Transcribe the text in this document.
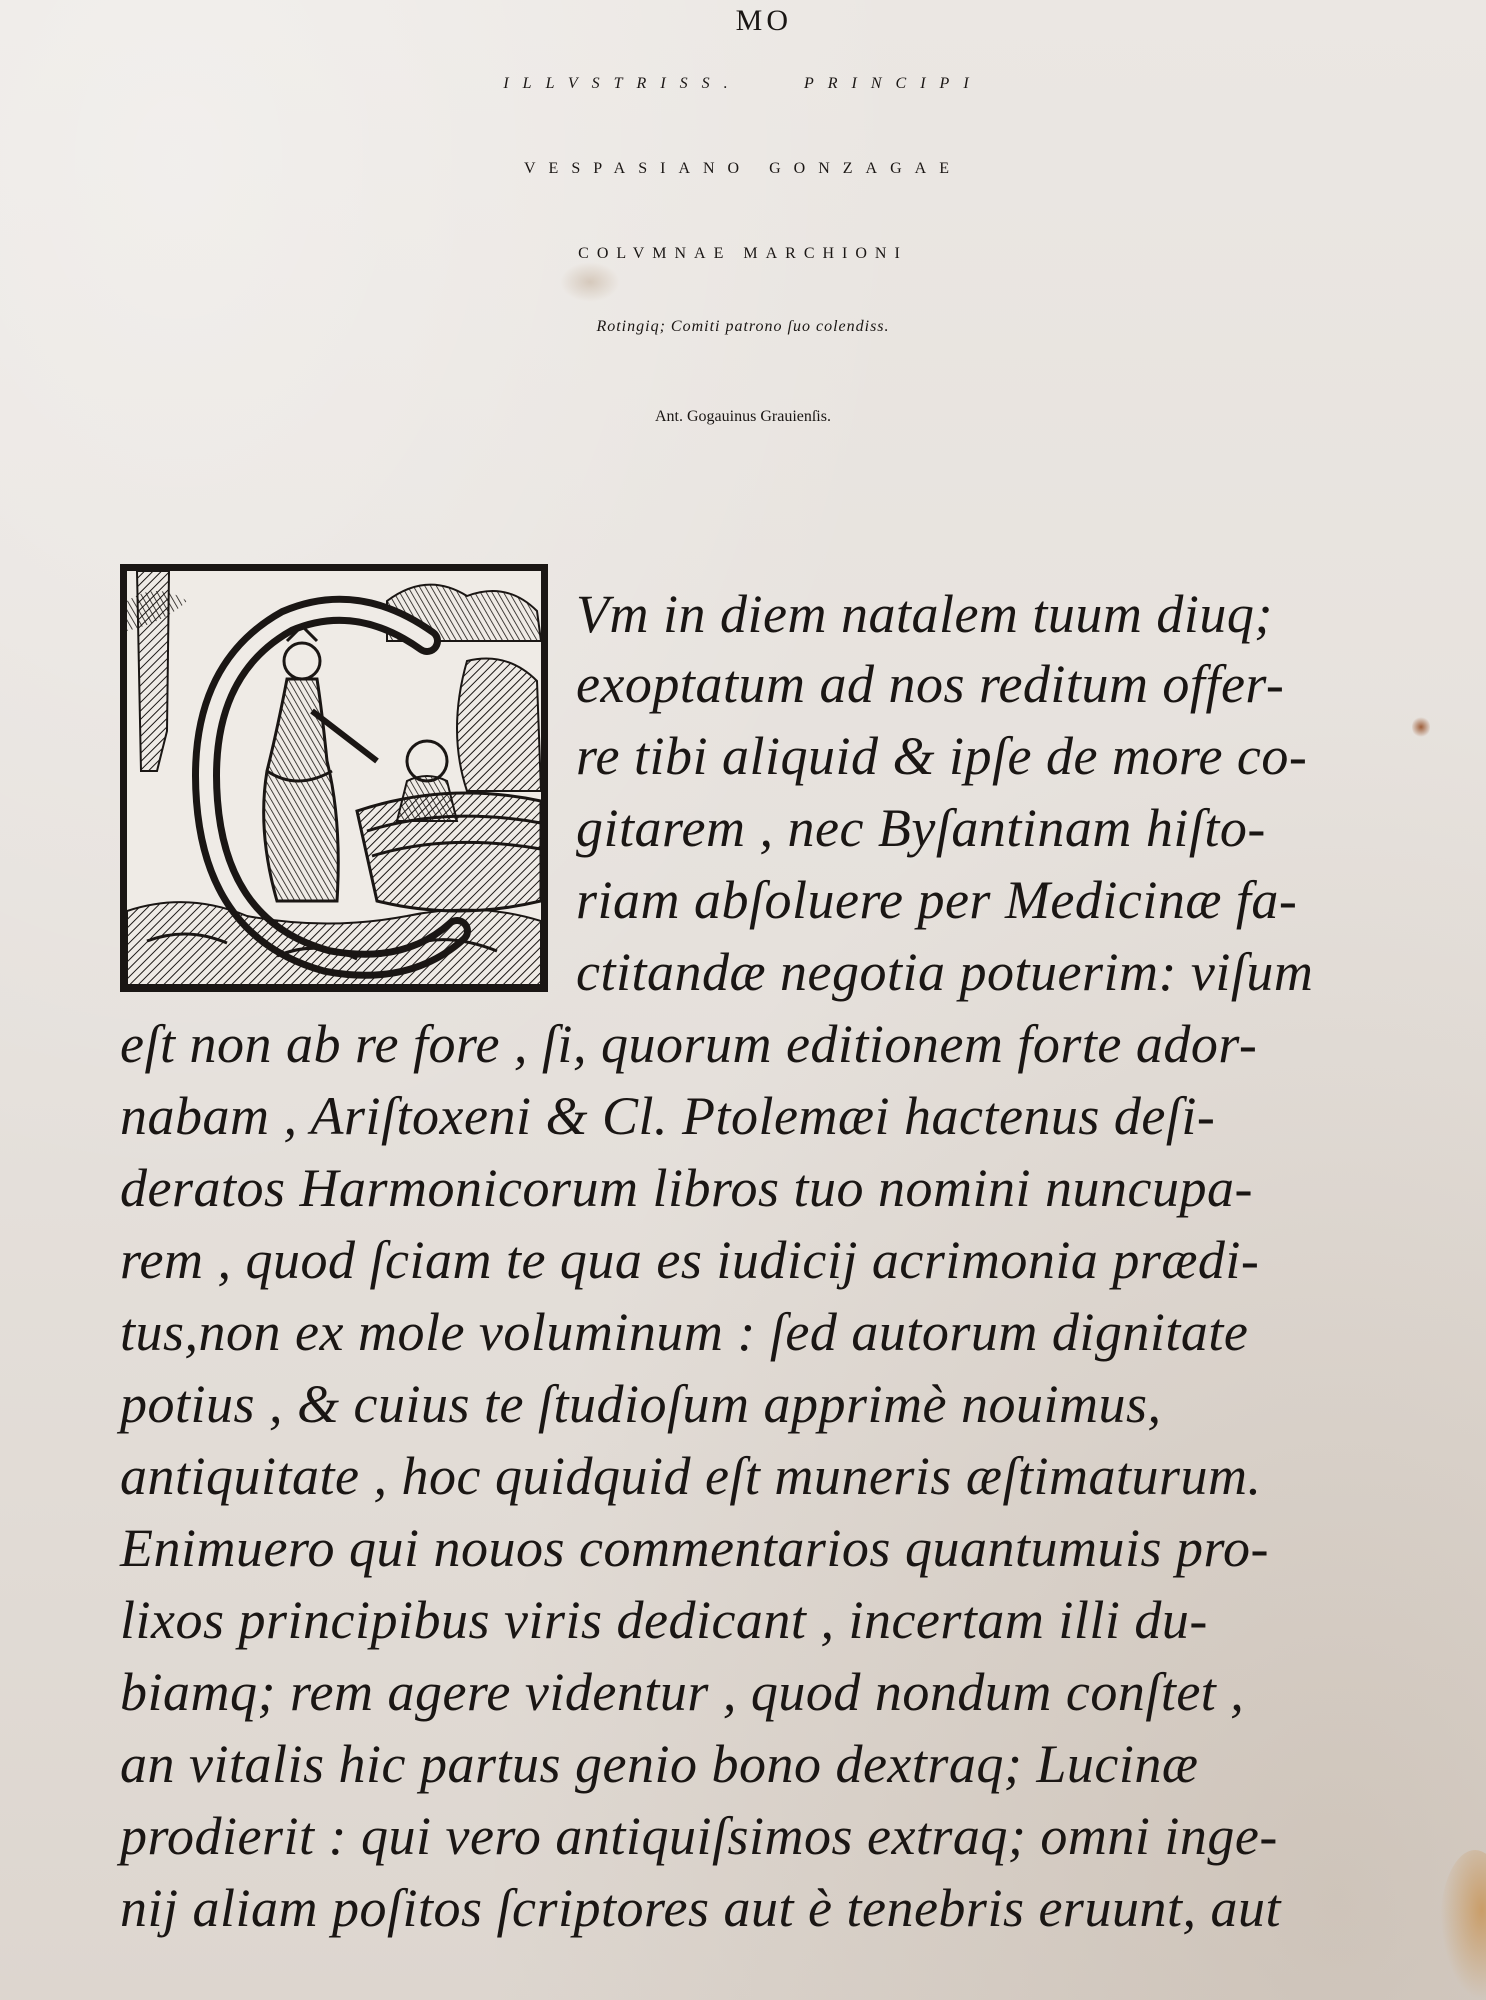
ILLVSTRISS.MOPRINCIPI
VESPASIANO GONZAGAE
COLVMNAE MARCHIONI
Rotingiq; Comiti patrono ſuo colendiss.
Ant. Gogauinus Grauienſis.
Vm in diem natalem tuum diuq;
exoptatum ad nos reditum offer-
re tibi aliquid & ipſe de more co-
gitarem , nec Byſantinam hiſto-
riam abſoluere per Medicinæ fa-
ctitandæ negotia potuerim: viſum
eſt non ab re fore , ſi, quorum editionem forte ador-
nabam , Ariſtoxeni & Cl. Ptolemæi hactenus deſi-
deratos Harmonicorum libros tuo nomini nuncupa-
rem , quod ſciam te qua es iudicij acrimonia prædi-
tus,non ex mole voluminum : ſed autorum dignitate
potius , & cuius te ſtudioſum apprimè nouimus,
antiquitate , hoc quidquid eſt muneris æſtimaturum.
Enimuero qui nouos commentarios quantumuis pro-
lixos principibus viris dedicant , incertam illi du-
biamq; rem agere videntur , quod nondum conſtet ,
an vitalis hic partus genio bono dextraq; Lucinæ
prodierit : qui vero antiquiſsimos extraq; omni inge-
nij aliam poſitos ſcriptores aut è tenebris eruunt, aut
